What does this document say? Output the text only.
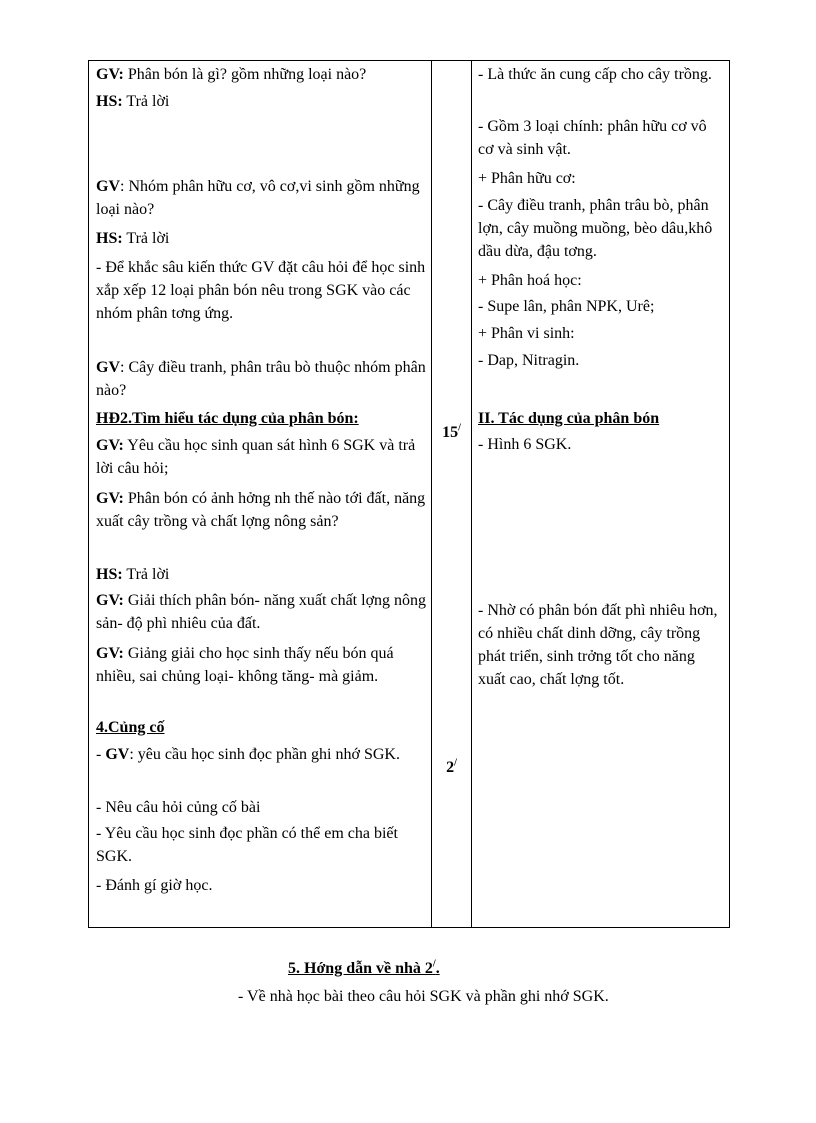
GV: Phân bón là gì? gồm những loại nào?
HS: Trả lời
GV: Nhóm phân hữu cơ, vô cơ,vi sinh gồm những loại nào?
HS: Trả lời
- Để khắc sâu kiến thức GV đặt câu hỏi để học sinh xắp xếp 12 loại phân bón nêu trong SGK vào các nhóm phân tơng ứng.
GV: Cây điều tranh, phân trâu bò thuộc nhóm phân nào?
HĐ2.Tìm hiểu tác dụng của phân bón:
GV: Yêu cầu học sinh quan sát hình 6 SGK và trả lời câu hỏi;
GV: Phân bón có ảnh hởng nh thế nào tới đất, năng xuất cây trồng và chất lợng nông sản?
HS: Trả lời
GV: Giải thích phân bón- năng xuất chất lợng nông sản- độ phì nhiêu của đất.
GV: Giảng giải cho học sinh thấy nếu bón quá nhiều, sai chủng loại- không tăng- mà giảm.
4.Củng cố
- GV: yêu cầu học sinh đọc phần ghi nhớ SGK.
- Nêu câu hỏi củng cố bài
- Yêu cầu học sinh đọc phần có thể em cha biết SGK.
- Đánh gí giờ học.
15/
2/
- Là thức ăn cung cấp cho cây trồng.
- Gồm 3 loại chính: phân hữu cơ vô cơ và sinh vật.
+ Phân hữu cơ:
- Cây điều tranh, phân trâu bò, phân lợn, cây muồng muồng, bèo dâu,khô dầu dừa, đậu tơng.
+ Phân hoá học:
- Supe lân, phân NPK, Urê;
+ Phân vi sinh:
- Dap, Nitragin.
II. Tác dụng của phân bón
- Hình 6 SGK.
- Nhờ có phân bón đất phì nhiêu hơn, có nhiều chất dinh dỡng, cây trồng phát triển, sinh trởng tốt cho năng xuất cao, chất lợng tốt.
5. Hớng dẫn về nhà 2/.
- Về nhà học bài theo câu hỏi SGK và phần ghi nhớ SGK.
